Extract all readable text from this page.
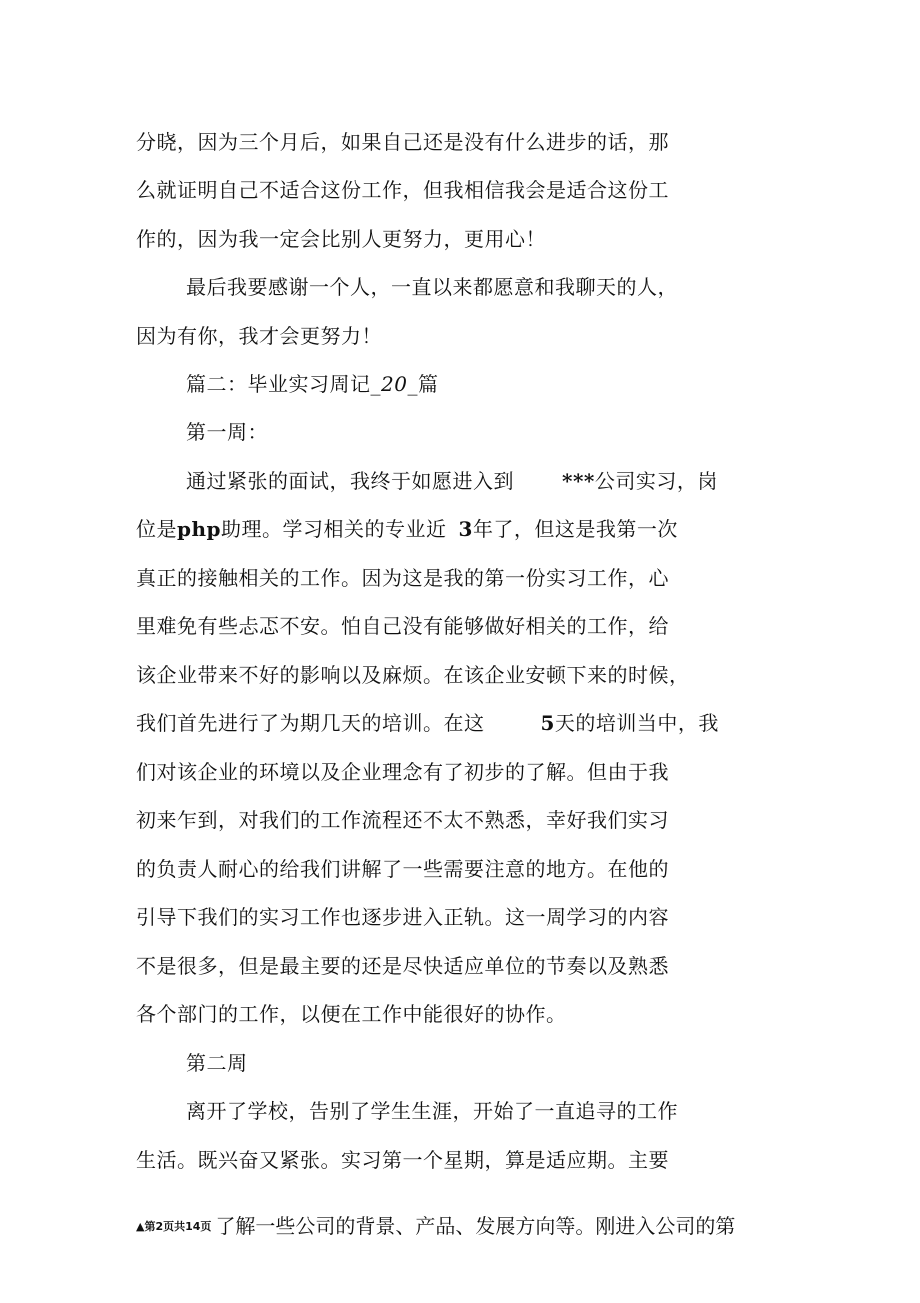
分晓，因为三个月后，如果自己还是没有什么进步的话，那
么就证明自己不适合这份工作，但我相信我会是适合这份工
作的，因为我一定会比别人更努力，更用心！
最后我要感谢一个人，一直以来都愿意和我聊天的人，
因为有你，我才会更努力！
篇二：毕业实习周记_20_篇
第一周：
通过紧张的面试，我终于如愿进入到 ***公司实习，岗
位是php助理。学习相关的专业近 3年了，但这是我第一次
真正的接触相关的工作。因为这是我的第一份实习工作，心
里难免有些忐忑不安。怕自己没有能够做好相关的工作，给
该企业带来不好的影响以及麻烦。在该企业安顿下来的时候，
我们首先进行了为期几天的培训。在这	5天的培训当中，我
们对该企业的环境以及企业理念有了初步的了解。但由于我
初来乍到，对我们的工作流程还不太不熟悉，幸好我们实习
的负责人耐心的给我们讲解了一些需要注意的地方。在他的
引导下我们的实习工作也逐步进入正轨。这一周学习的内容
不是很多，但是最主要的还是尽快适应单位的节奏以及熟悉
各个部门的工作，以便在工作中能很好的协作。
第二周
离开了学校，告别了学生生涯，开始了一直追寻的工作
生活。既兴奋又紧张。实习第一个星期，算是适应期。主要
▲第2页共14页 了解一些公司的背景、产品、发展方向等。刚进入公司的第
